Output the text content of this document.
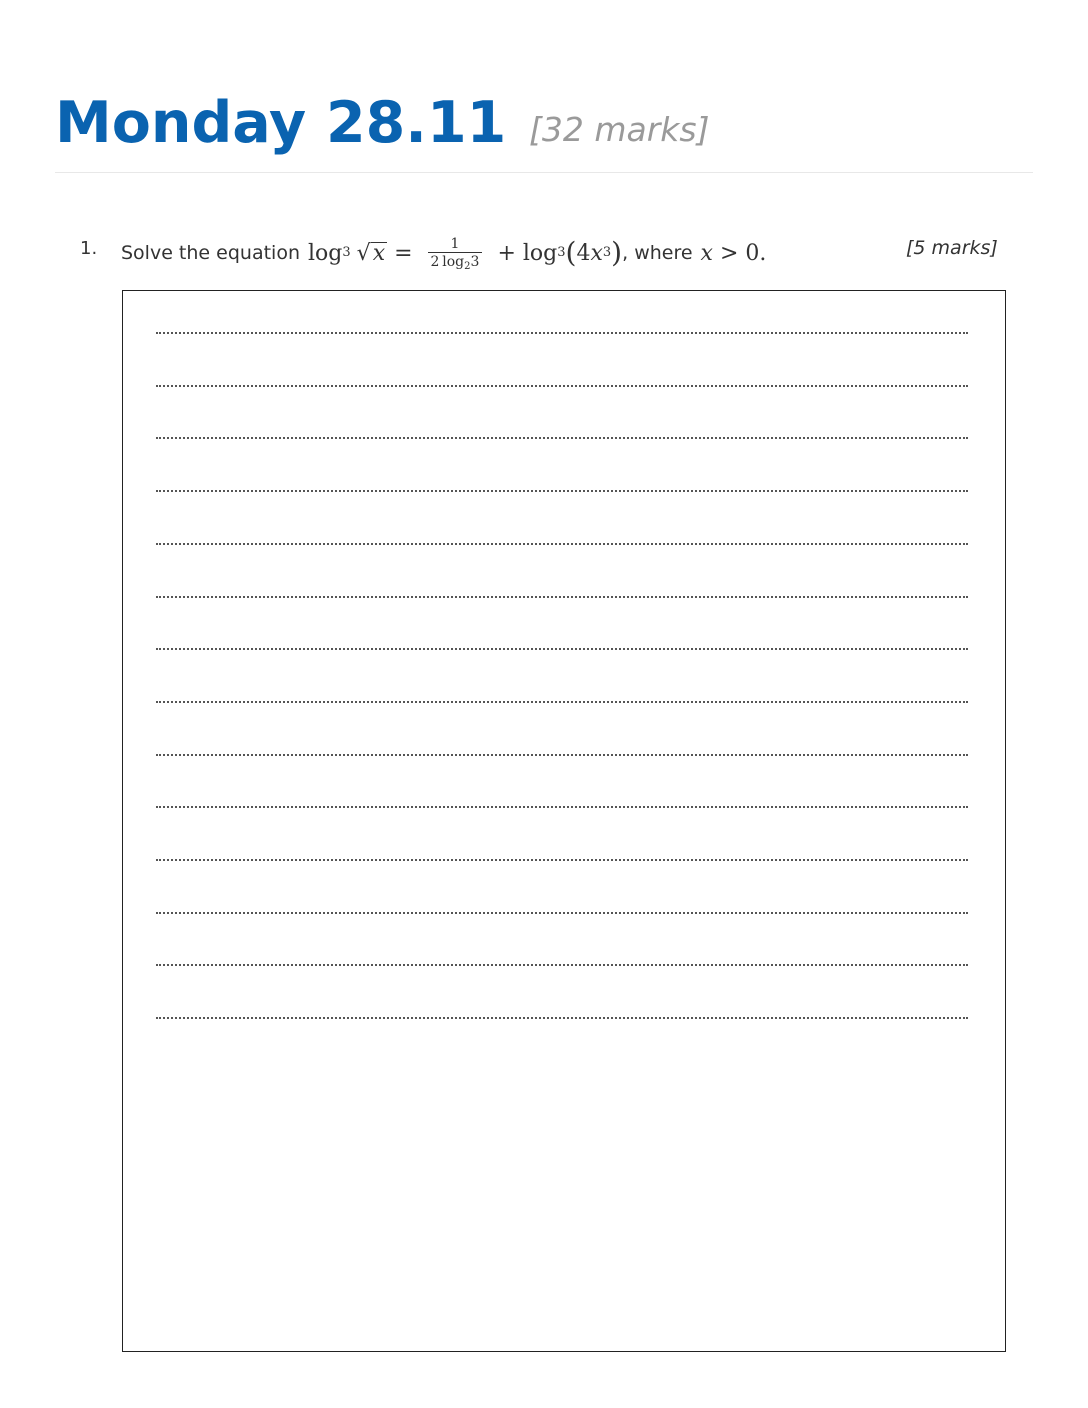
Monday 28.11 [32 marks]
1. Solve the equation log 3 √ $x = \frac{1}{2 \log_23} + \log 3$ ( 4 x 3 ) , where x > 0.	[5 marks]
